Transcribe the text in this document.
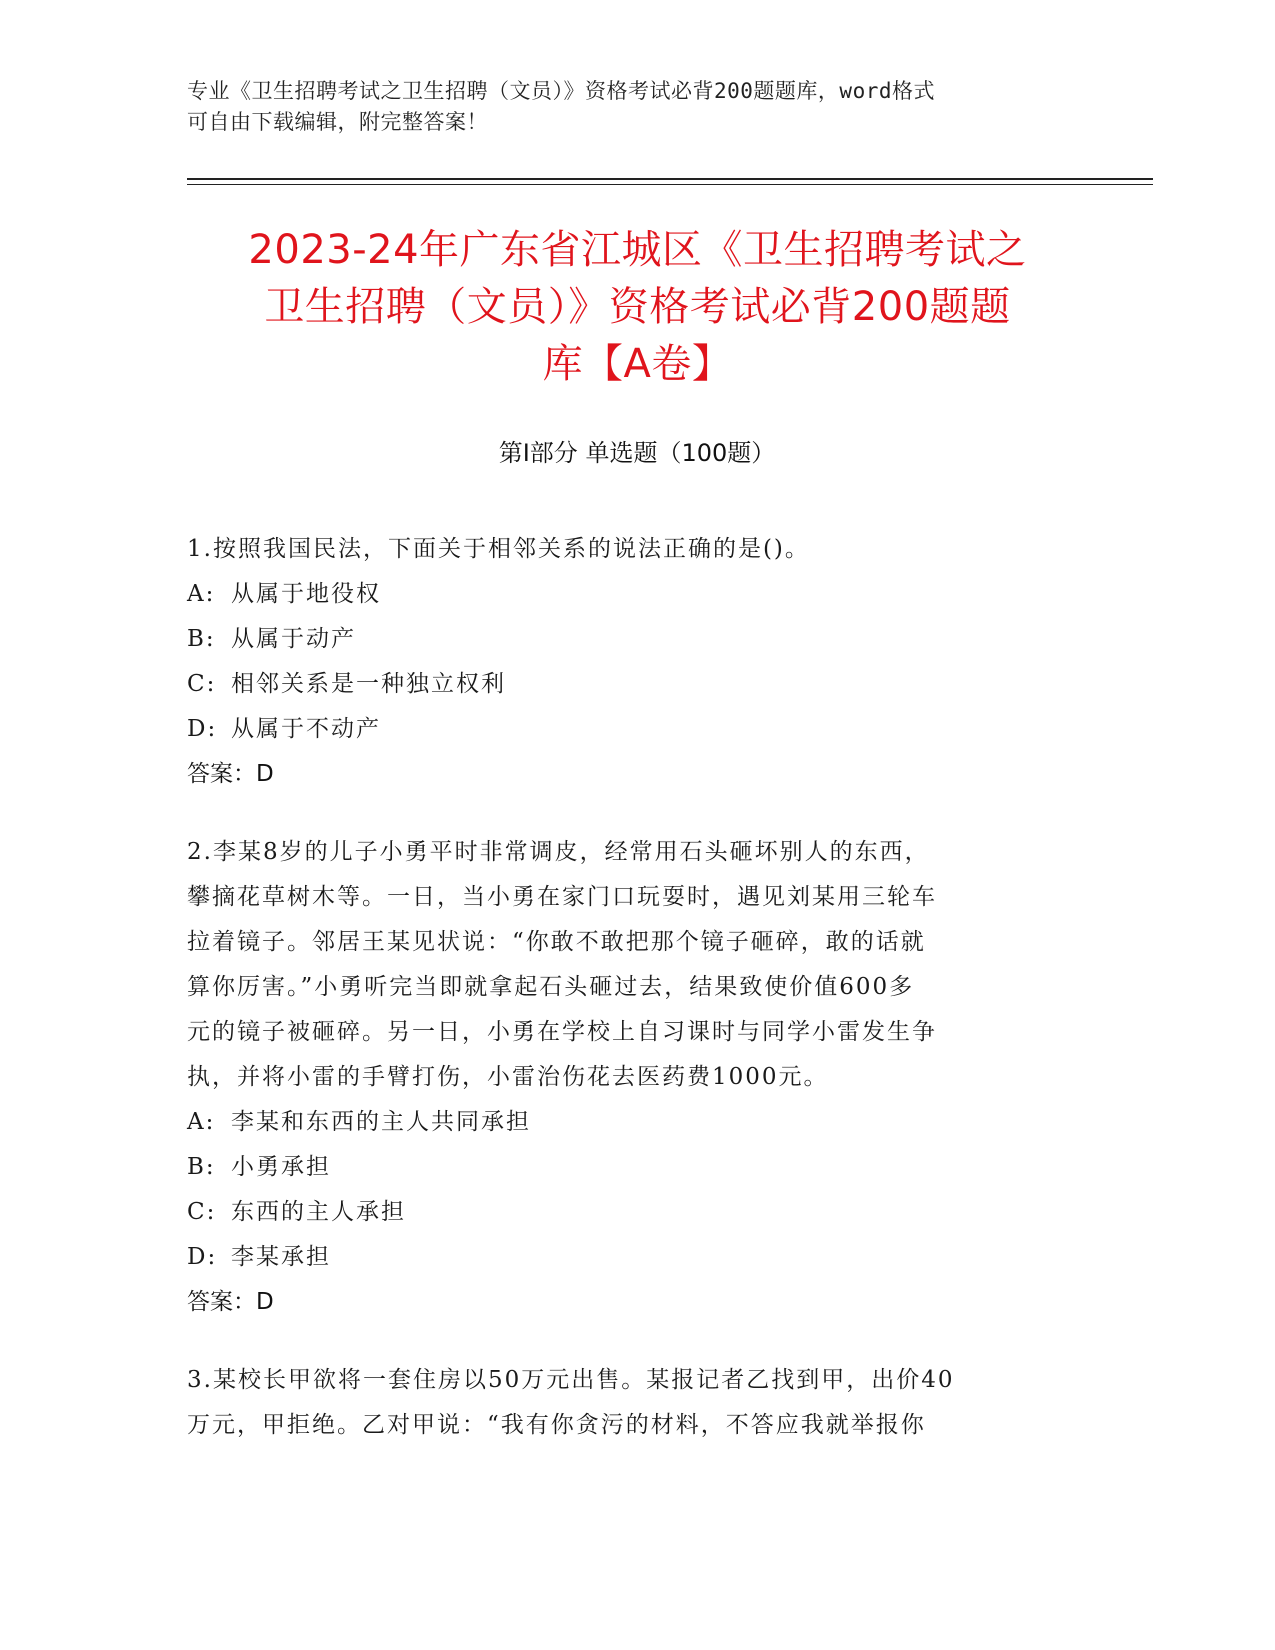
专业《卫生招聘考试之卫生招聘（文员）》资格考试必背200题题库，word格式
可自由下载编辑，附完整答案！
2023-24年广东省江城区《卫生招聘考试之
卫生招聘（文员）》资格考试必背200题题
库【A卷】
第Ⅰ部分 单选题（100题）

1.按照我国民法，下面关于相邻关系的说法正确的是()。

A: 从属于地役权
B: 从属于动产
C: 相邻关系是一种独立权利
D: 从属于不动产

答案：D

2.李某8岁的儿子小勇平时非常调皮，经常用石头砸坏别人的东西，

攀摘花草树木等。一日，当小勇在家门口玩耍时，遇见刘某用三轮车

拉着镜子。邻居王某见状说：“你敢不敢把那个镜子砸碎，敢的话就

算你厉害。”小勇听完当即就拿起石头砸过去，结果致使价值600多

元的镜子被砸碎。另一日，小勇在学校上自习课时与同学小雷发生争

执，并将小雷的手臂打伤，小雷治伤花去医药费1000元。

A: 李某和东西的主人共同承担
B: 小勇承担
C: 东西的主人承担
D: 李某承担

答案：D

3.某校长甲欲将一套住房以50万元出售。某报记者乙找到甲，出价40

万元，甲拒绝。乙对甲说：“我有你贪污的材料，不答应我就举报你
